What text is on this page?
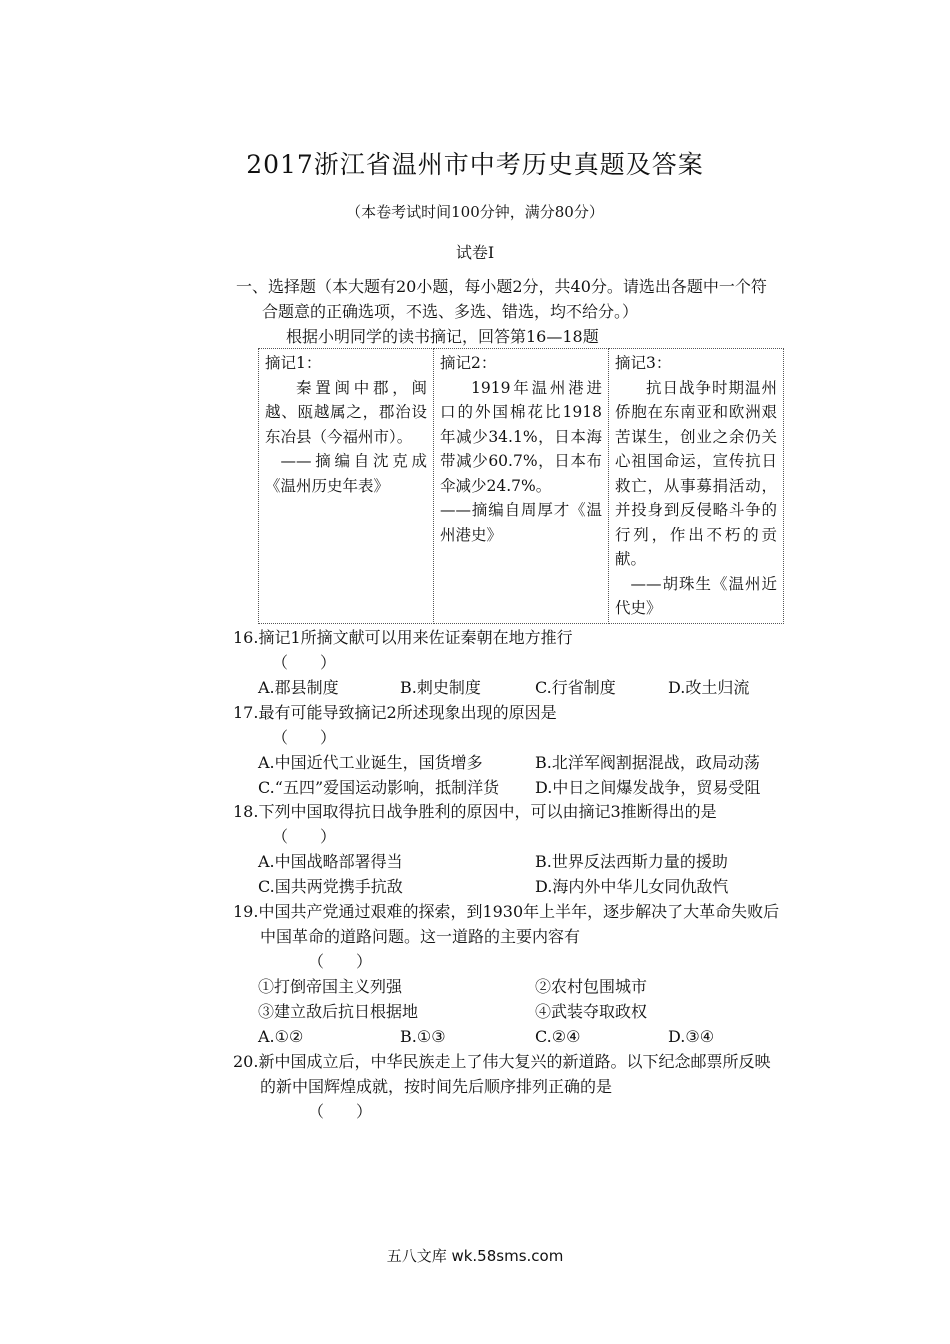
2017浙江省温州市中考历史真题及答案
（本卷考试时间100分钟，满分80分）
试卷Ⅰ
一、选择题（本大题有20小题，每小题2分，共40分。请选出各题中一个符
合题意的正确选项，不选、多选、错选，均不给分。）
根据小明同学的读书摘记，回答第16—18题
摘记1：
秦置闽中郡，闽越、瓯越属之，郡治设东冶县（今福州市）。
——摘编自沈克成《温州历史年表》

摘记2：
1919年温州港进口的外国棉花比1918年减少34.1%，日本海带减少60.7%，日本布伞减少24.7%。
——摘编自周厚才《温州港史》

摘记3：
抗日战争时期温州侨胞在东南亚和欧洲艰苦谋生，创业之余仍关心祖国命运，宣传抗日救亡，从事募捐活动，并投身到反侵略斗争的行列，作出不朽的贡献。
——胡珠生《温州近代史》
16.摘记1所摘文献可以用来佐证秦朝在地方推行
（　　）
A.郡县制度	B.刺史制度	C.行省制度	D.改土归流
17.最有可能导致摘记2所述现象出现的原因是
（　　）
A.中国近代工业诞生，国货增多	B.北洋军阀割据混战，政局动荡
C.“五四”爱国运动影响，抵制洋货 D.中日之间爆发战争，贸易受阻
18.下列中国取得抗日战争胜利的原因中，可以由摘记3推断得出的是
（　　）
A.中国战略部署得当	B.世界反法西斯力量的援助
C.国共两党携手抗敌	D.海内外中华儿女同仇敌忾
19.中国共产党通过艰难的探索，到1930年上半年，逐步解决了大革命失败后
中国革命的道路问题。这一道路的主要内容有
（　　）
①打倒帝国主义列强	②农村包围城市
③建立敌后抗日根据地	④武装夺取政权
A.①②	B.①③	C.②④	D.③④
20.新中国成立后，中华民族走上了伟大复兴的新道路。以下纪念邮票所反映
的新中国辉煌成就，按时间先后顺序排列正确的是
（　　）
五八文库 wk.58sms.com
